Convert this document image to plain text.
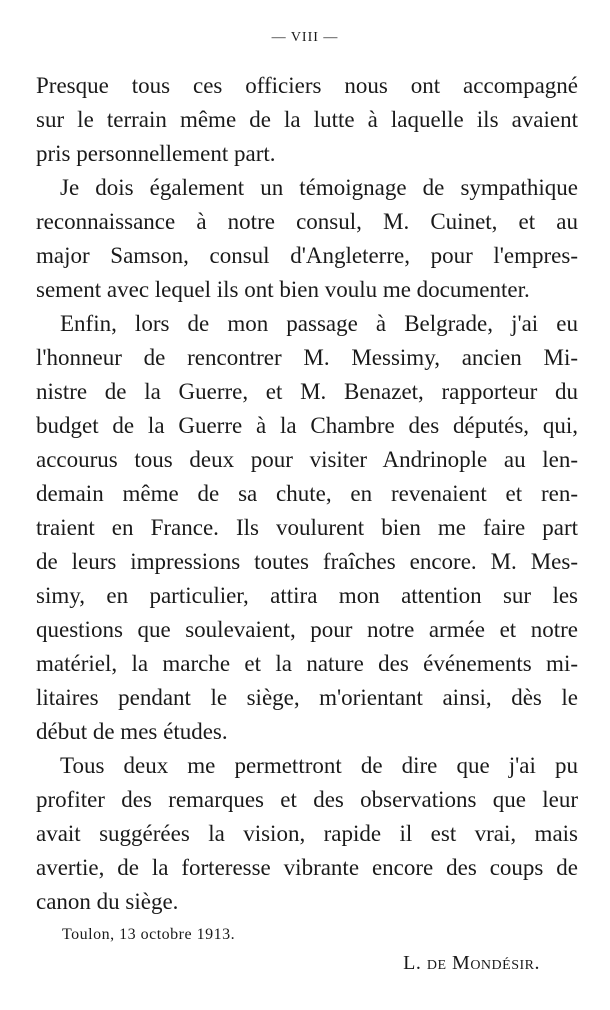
— VIII —
Presque tous ces officiers nous ont accompagné
sur le terrain même de la lutte à laquelle ils avaient
pris personnellement part.
Je dois également un témoignage de sympathique
reconnaissance à notre consul, M. Cuinet, et au
major Samson, consul d'Angleterre, pour l'empres-
sement avec lequel ils ont bien voulu me documenter.
Enfin, lors de mon passage à Belgrade, j'ai eu
l'honneur de rencontrer M. Messimy, ancien Mi-
nistre de la Guerre, et M. Benazet, rapporteur du
budget de la Guerre à la Chambre des députés, qui,
accourus tous deux pour visiter Andrinople au len-
demain même de sa chute, en revenaient et ren-
traient en France. Ils voulurent bien me faire part
de leurs impressions toutes fraîches encore. M. Mes-
simy, en particulier, attira mon attention sur les
questions que soulevaient, pour notre armée et notre
matériel, la marche et la nature des événements mi-
litaires pendant le siège, m'orientant ainsi, dès le
début de mes études.
Tous deux me permettront de dire que j'ai pu
profiter des remarques et des observations que leur
avait suggérées la vision, rapide il est vrai, mais
avertie, de la forteresse vibrante encore des coups de
canon du siège.
Toulon, 13 octobre 1913.
L. de Mondésir.
